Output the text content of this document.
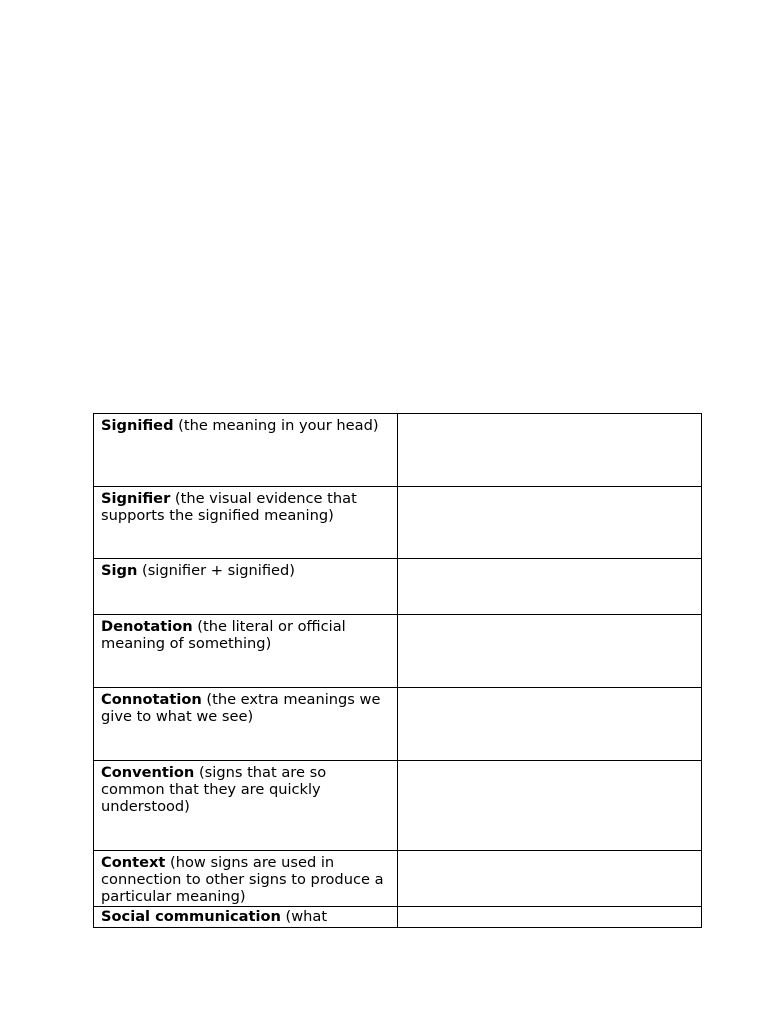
Signified (the meaning in your head)	
Signifier (the visual evidence that supports the signified meaning)	
Sign (signifier + signified)	
Denotation (the literal or official meaning of something)	
Connotation (the extra meanings we give to what we see)	
Convention (signs that are so common that they are quickly understood)	
Context (how signs are used in connection to other signs to produce a particular meaning)	
Social communication (what	
